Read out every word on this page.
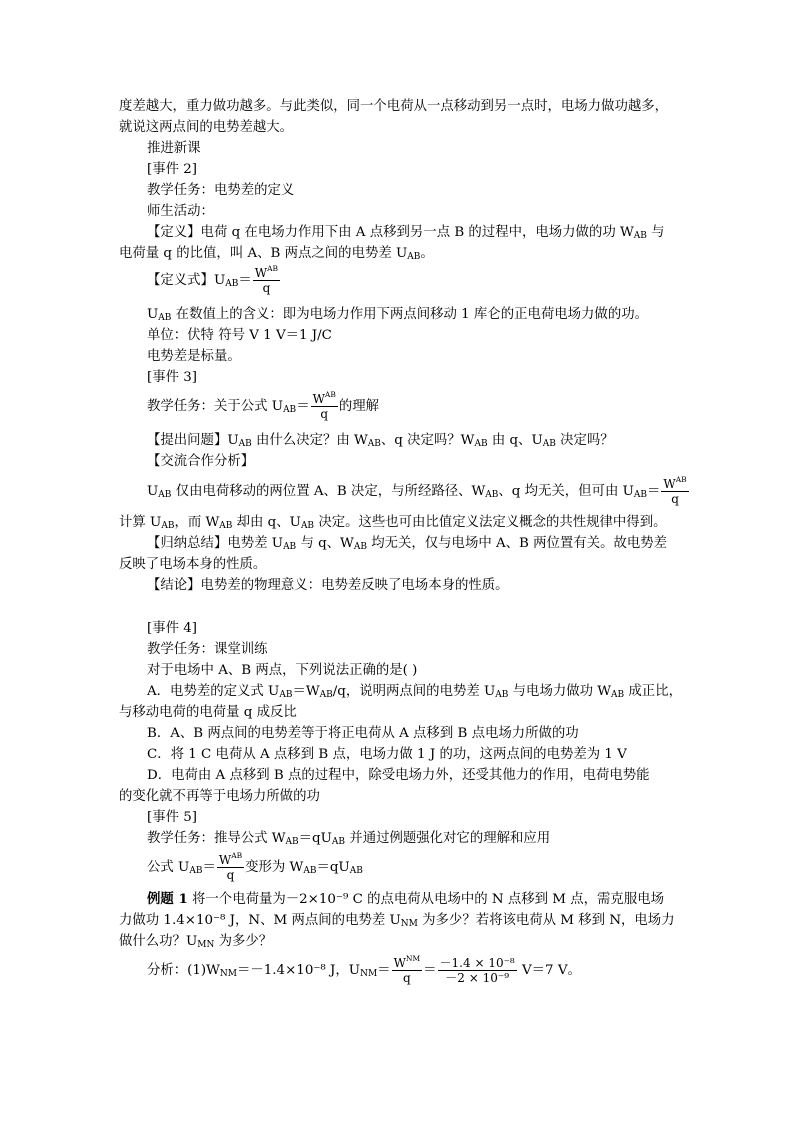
度差越大，重力做功越多。与此类似，同一个电荷从一点移动到另一点时，电场力做功越多，
就说这两点间的电势差越大。
推进新课
[事件 2]
教学任务：电势差的定义
师生活动：
【定义】电荷 q 在电场力作用下由 A 点移到另一点 B 的过程中，电场力做的功 $W_{AB}$ 与
电荷量 q 的比值，叫 A、B 两点之间的电势差 $U_{AB}$。
【定义式】$U_{AB}= \frac{W^{AB}}{q}$
$U_{AB}$ 在数值上的含义：即为电场力作用下两点间移动 1 库仑的正电荷电场力做的功。
单位：伏特 符号 V 1 V＝1 J/C
电势差是标量。
[事件 3]
教学任务：关于公式 $U_{AB}= \frac{W^{AB}}{q}$ 的理解
【提出问题】$U_{AB}$ 由什么决定？由 $W_{AB}$、q 决定吗？$W_{AB}$ 由 q、$U_{AB}$ 决定吗？
【交流合作分析】
$U_{AB}$ 仅由电荷移动的两位置 A、B 决定，与所经路径、$W_{AB}$、q 均无关，但可由 $U_{AB}= \frac{W^{AB}}{q}$
计算 $U_{AB}$，而 $W_{AB}$ 却由 q、$U_{AB}$ 决定。这些也可由比值定义法定义概念的共性规律中得到。
【归纳总结】电势差 $U_{AB}$ 与 q、$W_{AB}$ 均无关，仅与电场中 A、B 两位置有关。故电势差
反映了电场本身的性质。
【结论】电势差的物理意义：电势差反映了电场本身的性质。
[事件 4]
教学任务：课堂训练
对于电场中 A、B 两点，下列说法正确的是( )
A．电势差的定义式 $U_{AB}=W_{AB}/q$，说明两点间的电势差 $U_{AB}$ 与电场力做功 $W_{AB}$ 成正比，
与移动电荷的电荷量 q 成反比
B．A、B 两点间的电势差等于将正电荷从 A 点移到 B 点电场力所做的功
C．将 1 C 电荷从 A 点移到 B 点，电场力做 1 J 的功，这两点间的电势差为 1 V
D．电荷由 A 点移到 B 点的过程中，除受电场力外，还受其他力的作用，电荷电势能
的变化就不再等于电场力所做的功
[事件 5]
教学任务：推导公式 $W_{AB}=qU_{AB}$ 并通过例题强化对它的理解和应用
公式 $U_{AB}= \frac{W^{AB}}{q}$ 变形为 $W_{AB}=qU_{AB}$
例题 1 将一个电荷量为－2×10⁻⁹ C 的点电荷从电场中的 N 点移到 M 点，需克服电场
力做功 1.4×10⁻⁸ J，N、M 两点间的电势差 $U_{NM}$ 为多少？若将该电荷从 M 移到 N，电场力
做什么功？$U_{MN}$ 为多少？
分析：$(1)W_{NM}=-1.4\times 10^{-8}$ J，$U_{NM}= \frac{W^{NM}}{q} = \frac{\text{－1.4 × 10⁻⁸}}{\text{－2 × 10⁻⁹}} V=7$ V。
